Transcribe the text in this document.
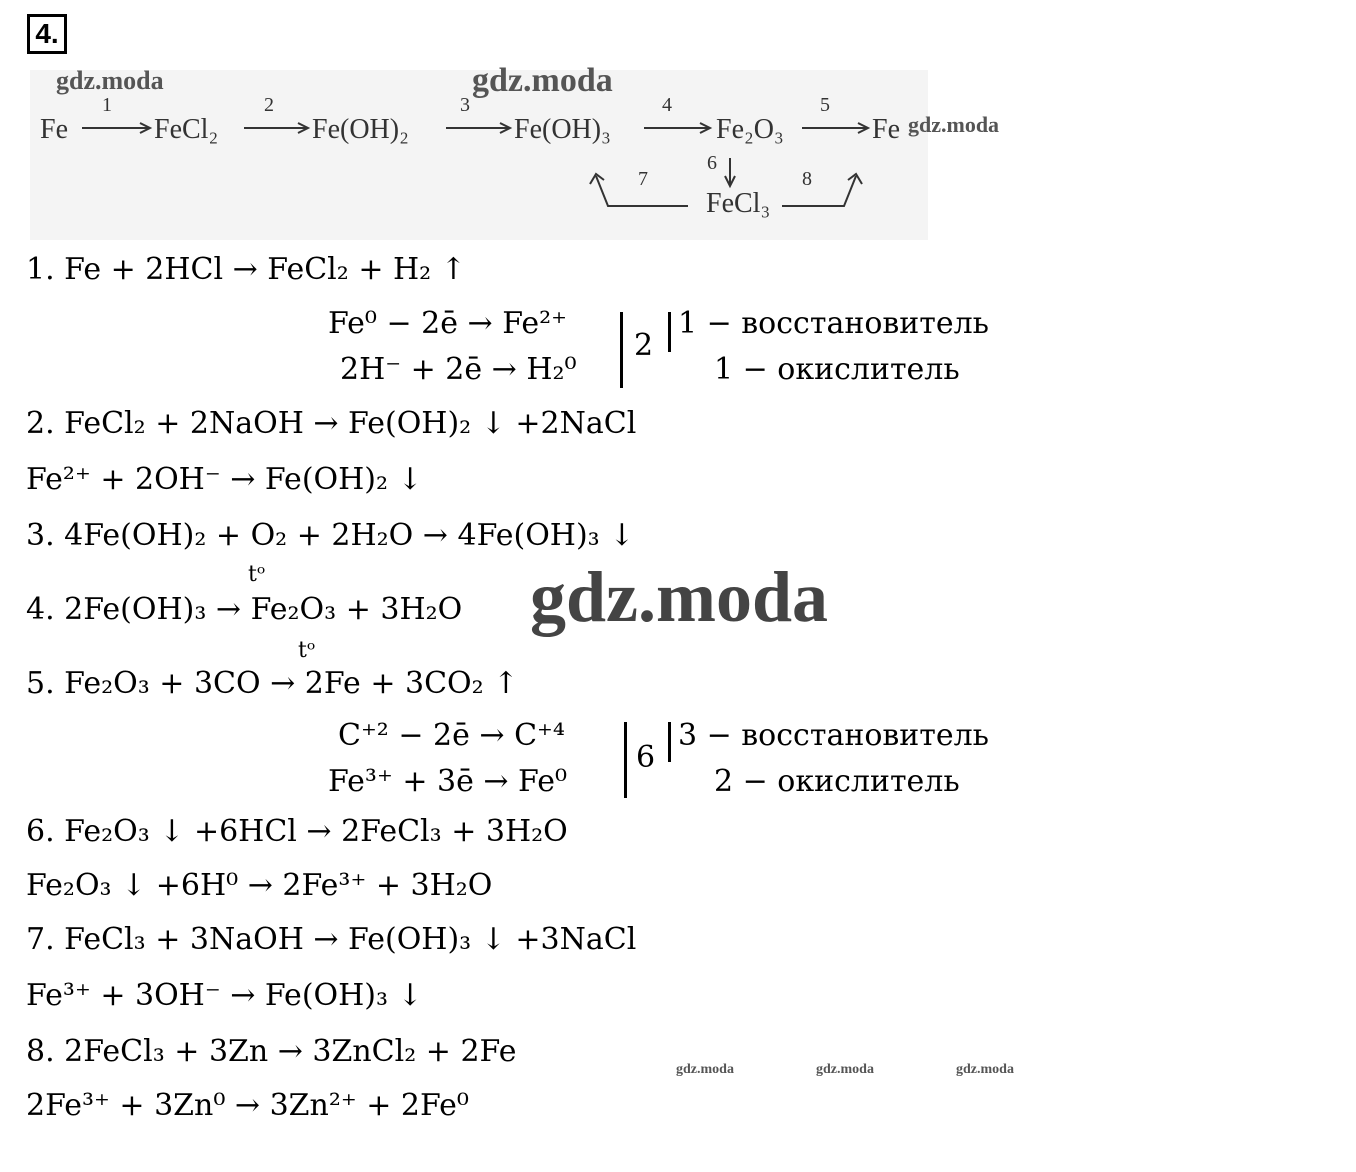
4.
gdz.moda	gdz.moda
gdz.moda
Fe	FeCl₂	Fe(OH)₂	Fe(OH)₃	Fe₂O₃	Fe
FeCl₃
1	2	3	4	5
6
7	8
1. Fe + 2HCl → FeCl₂ + H₂ ↑
Fe⁰ − 2ē → Fe²⁺
2H⁻ + 2ē → H₂⁰
2
1 − восстановитель
1 − окислитель
2. FeCl₂ + 2NaOH → Fe(OH)₂ ↓ +2NaCl
Fe²⁺ + 2OH⁻ → Fe(OH)₂ ↓
3. 4Fe(OH)₂ + O₂ + 2H₂O → 4Fe(OH)₃ ↓
tᵒ
4. 2Fe(OH)₃ → Fe₂O₃ + 3H₂O gdz.moda
tᵒ
5. Fe₂O₃ + 3CO → 2Fe + 3CO₂ ↑
C⁺² − 2ē → C⁺⁴
Fe³⁺ + 3ē → Fe⁰
6
3 − восстановитель
2 − окислитель
6. Fe₂O₃ ↓ +6HCl → 2FeCl₃ + 3H₂O
Fe₂O₃ ↓ +6H⁰ → 2Fe³⁺ + 3H₂O
7. FeCl₃ + 3NaOH → Fe(OH)₃ ↓ +3NaCl
Fe³⁺ + 3OH⁻ → Fe(OH)₃ ↓
8. 2FeCl₃ + 3Zn → 3ZnCl₂ + 2Fe
2Fe³⁺ + 3Zn⁰ → 3Zn²⁺ + 2Fe⁰
gdz.moda	gdz.moda	gdz.moda
